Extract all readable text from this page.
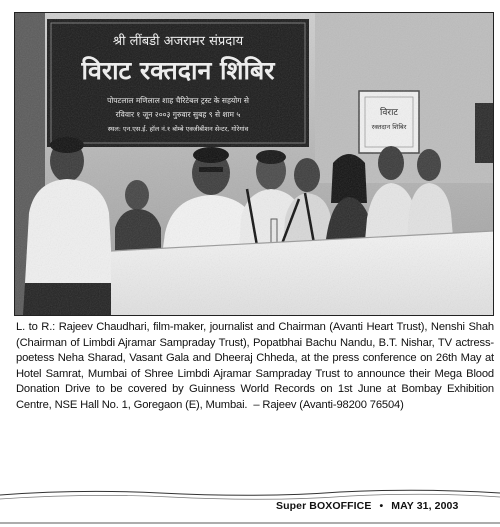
L. to R.: Rajeev Chaudhari, film-maker, journalist and Chairman (Avanti Heart Trust), Nenshi Shah (Chairman of Limbdi Ajramar Sampraday Trust), Popatbhai Bachu Nandu, B.T. Nishar, TV actress-poetess Neha Sharad, Vasant Gala and Dheeraj Chheda, at the press conference on 26th May at Hotel Samrat, Mumbai of Shree Limbdi Ajramar Sampraday Trust to announce their Mega Blood Donation Drive to be covered by Guinness World Records on 1st June at Bombay Exhibition Centre, NSE Hall No. 1, Goregaon (E), Mumbai. – Rajeev (Avanti-98200 76504)
Super BOXOFFICE • MAY 31, 2003
